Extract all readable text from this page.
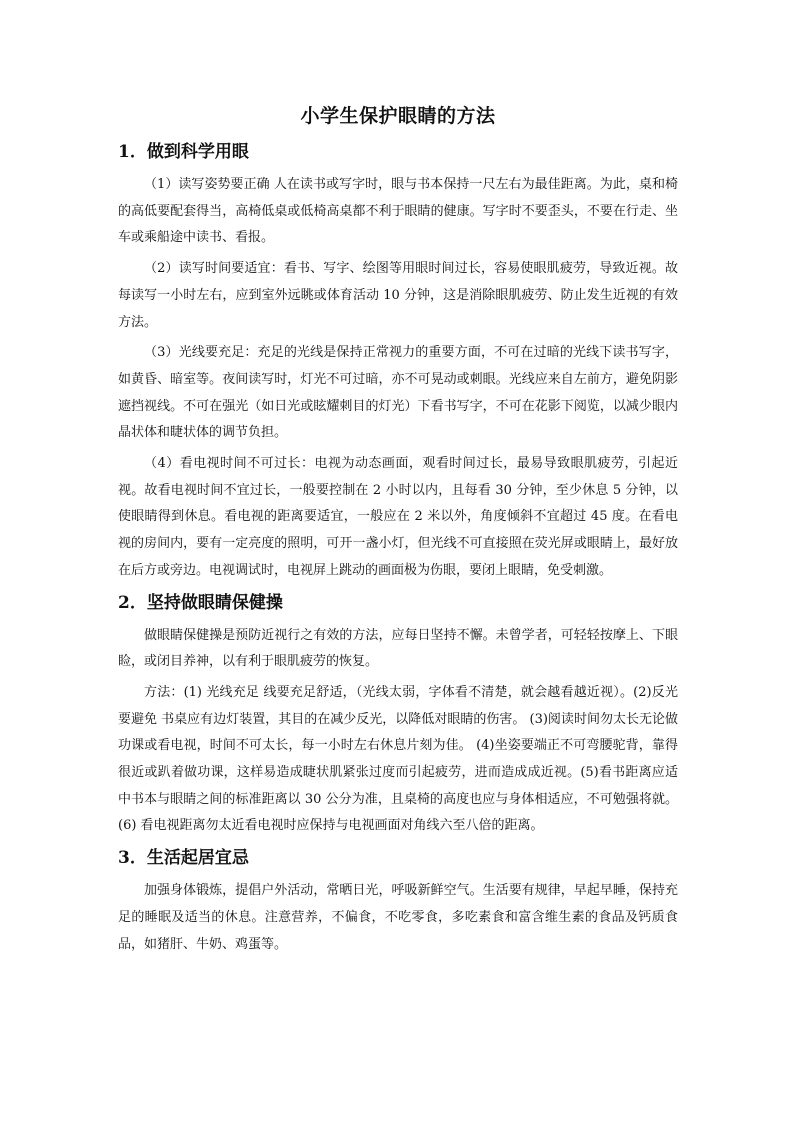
小学生保护眼睛的方法
1．做到科学用眼

（1）读写姿势要正确 人在读书或写字时，眼与书本保持一尺左右为最佳距离。为此，桌和椅的高低要配套得当，高椅低桌或低椅高桌都不利于眼睛的健康。写字时不要歪头，不要在行走、坐车或乘船途中读书、看报。

（2）读写时间要适宜：看书、写字、绘图等用眼时间过长，容易使眼肌疲劳，导致近视。故每读写一小时左右，应到室外远眺或体育活动 10 分钟，这是消除眼肌疲劳、防止发生近视的有效方法。

（3）光线要充足：充足的光线是保持正常视力的重要方面，不可在过暗的光线下读书写字，如黄昏、暗室等。夜间读写时，灯光不可过暗，亦不可晃动或刺眼。光线应来自左前方，避免阴影遮挡视线。不可在强光（如日光或眩耀刺目的灯光）下看书写字，不可在花影下阅览，以减少眼内晶状体和睫状体的调节负担。

（4）看电视时间不可过长：电视为动态画面，观看时间过长，最易导致眼肌疲劳，引起近视。故看电视时间不宜过长，一般要控制在 2 小时以内，且每看 30 分钟，至少休息 5 分钟，以使眼睛得到休息。看电视的距离要适宜，一般应在 2 米以外，角度倾斜不宜超过 45 度。在看电视的房间内，要有一定亮度的照明，可开一盏小灯，但光线不可直接照在荧光屏或眼睛上，最好放在后方或旁边。电视调试时，电视屏上跳动的画面极为伤眼，要闭上眼睛，免受刺激。

2．坚持做眼睛保健操

做眼睛保健操是预防近视行之有效的方法，应每日坚持不懈。未曾学者，可轻轻按摩上、下眼睑，或闭目养神，以有利于眼肌疲劳的恢复。

方法：(1) 光线充足 线要充足舒适，（光线太弱，字体看不清楚，就会越看越近视）。(2)反光要避免 书桌应有边灯装置，其目的在减少反光，以降低对眼睛的伤害。 (3)阅读时间勿太长无论做功课或看电视，时间不可太长，每一小时左右休息片刻为佳。 (4)坐姿要端正不可弯腰驼背，靠得很近或趴着做功课，这样易造成睫状肌紧张过度而引起疲劳，进而造成成近视。(5)看书距离应适中书本与眼睛之间的标准距离以 30 公分为准，且桌椅的高度也应与身体相适应，不可勉强将就。 (6) 看电视距离勿太近看电视时应保持与电视画面对角线六至八倍的距离。

3．生活起居宜忌

加强身体锻炼，提倡户外活动，常晒日光，呼吸新鲜空气。生活要有规律，早起早睡，保持充足的睡眠及适当的休息。注意营养，不偏食，不吃零食，多吃素食和富含维生素的食品及钙质食品，如猪肝、牛奶、鸡蛋等。
